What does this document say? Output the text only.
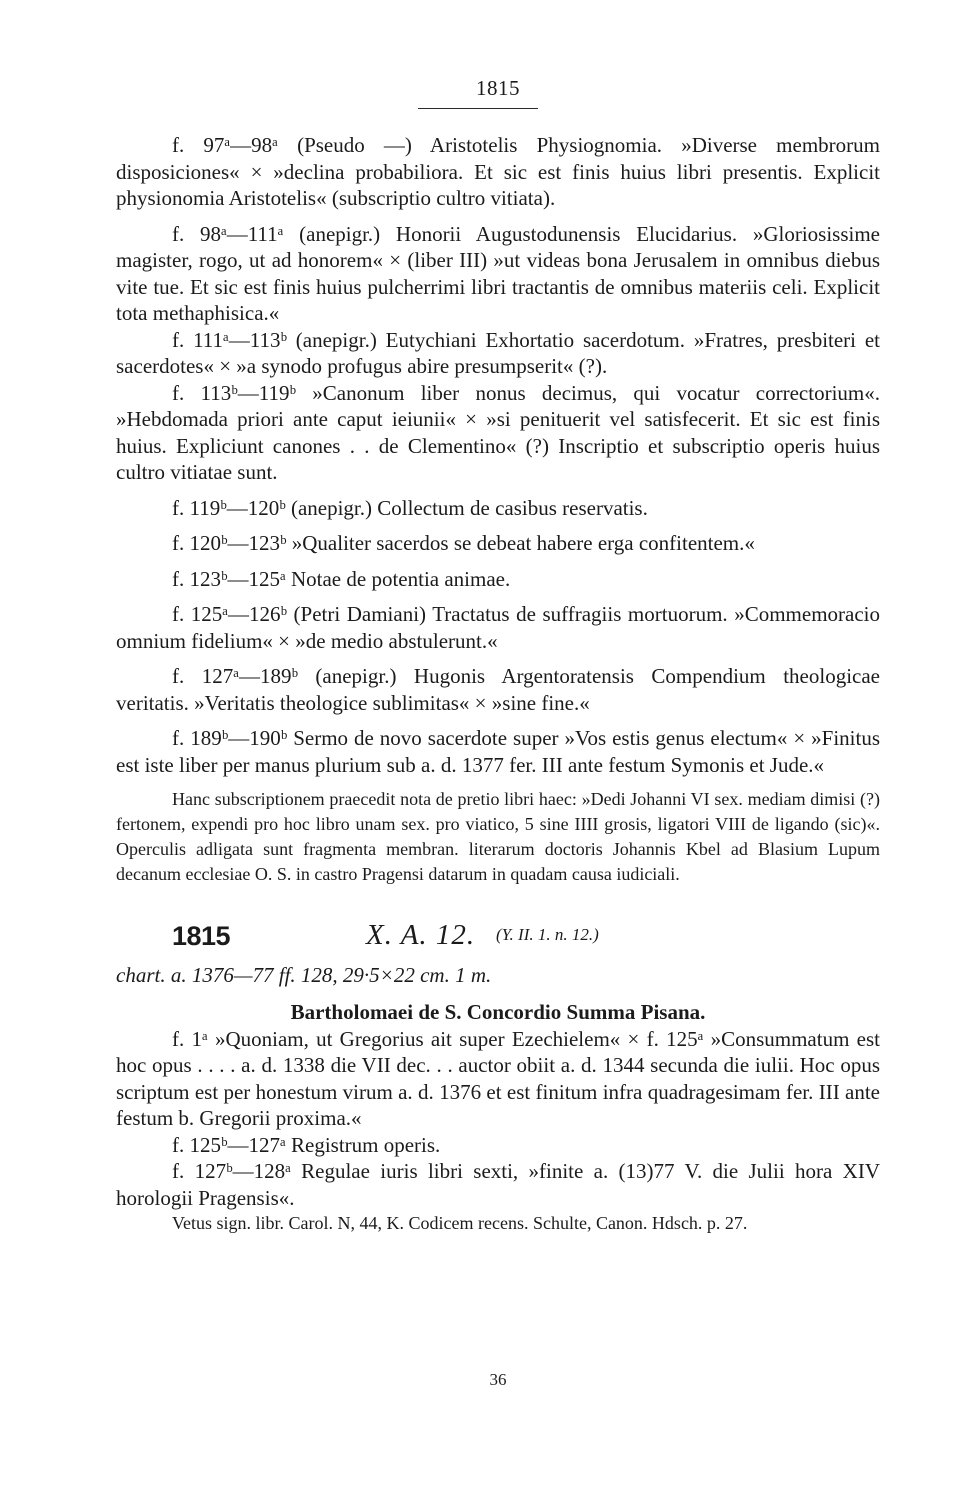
1815

f. 97ᵃ—98ᵃ (Pseudo —) Aristotelis Physiognomia. »Diverse membrorum disposiciones« × »declina probabiliora. Et sic est finis huius libri presentis. Explicit physionomia Aristotelis« (subscriptio cultro vitiata).

f. 98ᵃ—111ᵃ (anepigr.) Honorii Augustodunensis Elucidarius. »Gloriosissime magister, rogo, ut ad honorem« × (liber III) »ut videas bona Jerusalem in omnibus diebus vite tue. Et sic est finis huius pulcherrimi libri tractantis de omnibus materiis celi. Explicit tota methaphisica.«

f. 111ᵃ—113ᵇ (anepigr.) Eutychiani Exhortatio sacerdotum. »Fratres, presbiteri et sacerdotes« × »a synodo profugus abire presumpserit« (?).

f. 113ᵇ—119ᵇ »Canonum liber nonus decimus, qui vocatur correctorium«. »Hebdomada priori ante caput ieiunii« × »si penituerit vel satisfecerit. Et sic est finis huius. Expliciunt canones . . de Clementino« (?) Inscriptio et subscriptio operis huius cultro vitiatae sunt.

f. 119ᵇ—120ᵇ (anepigr.) Collectum de casibus reservatis.

f. 120ᵇ—123ᵇ »Qualiter sacerdos se debeat habere erga confitentem.«

f. 123ᵇ—125ᵃ Notae de potentia animae.

f. 125ᵃ—126ᵇ (Petri Damiani) Tractatus de suffragiis mortuorum. »Commemoracio omnium fidelium« × »de medio abstulerunt.«

f. 127ᵃ—189ᵇ (anepigr.) Hugonis Argentoratensis Compendium theologicae veritatis. »Veritatis theologice sublimitas« × »sine fine.«

f. 189ᵇ—190ᵇ Sermo de novo sacerdote super »Vos estis genus electum« × »Finitus est iste liber per manus plurium sub a. d. 1377 fer. III ante festum Symonis et Jude.«

Hanc subscriptionem praecedit nota de pretio libri haec: »Dedi Johanni VI sex. mediam dimisi (?) fertonem, expendi pro hoc libro unam sex. pro viatico, 5 sine IIII grosis, ligatori VIII de ligando (sic)«. Operculis adligata sunt fragmenta membran. literarum doctoris Johannis Kbel ad Blasium Lupum decanum ecclesiae O. S. in castro Pragensi datarum in quadam causa iudiciali.

1815	X. A. 12. (Y. II. 1. n. 12.)

chart. a. 1376—77 ff. 128, 29·5×22 cm. 1 m.

Bartholomaei de S. Concordio Summa Pisana.

f. 1ᵃ »Quoniam, ut Gregorius ait super Ezechielem« × f. 125ᵃ »Consummatum est hoc opus . . . . a. d. 1338 die VII dec. . . auctor obiit a. d. 1344 secunda die iulii. Hoc opus scriptum est per honestum virum a. d. 1376 et est finitum infra quadragesimam fer. III ante festum b. Gregorii proxima.«

f. 125ᵇ—127ᵃ Registrum operis.

f. 127ᵇ—128ᵃ Regulae iuris libri sexti, »finite a. (13)77 V. die Julii hora XIV horologii Pragensis«.

Vetus sign. libr. Carol. N, 44, K. Codicem recens. Schulte, Canon. Hdsch. p. 27.

36
